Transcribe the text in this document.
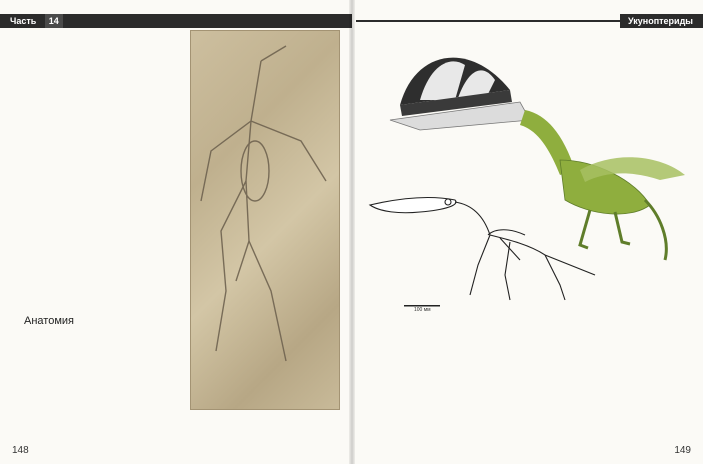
Часть 14
Анатомия
148
Укуноптериды
100 мм
149
